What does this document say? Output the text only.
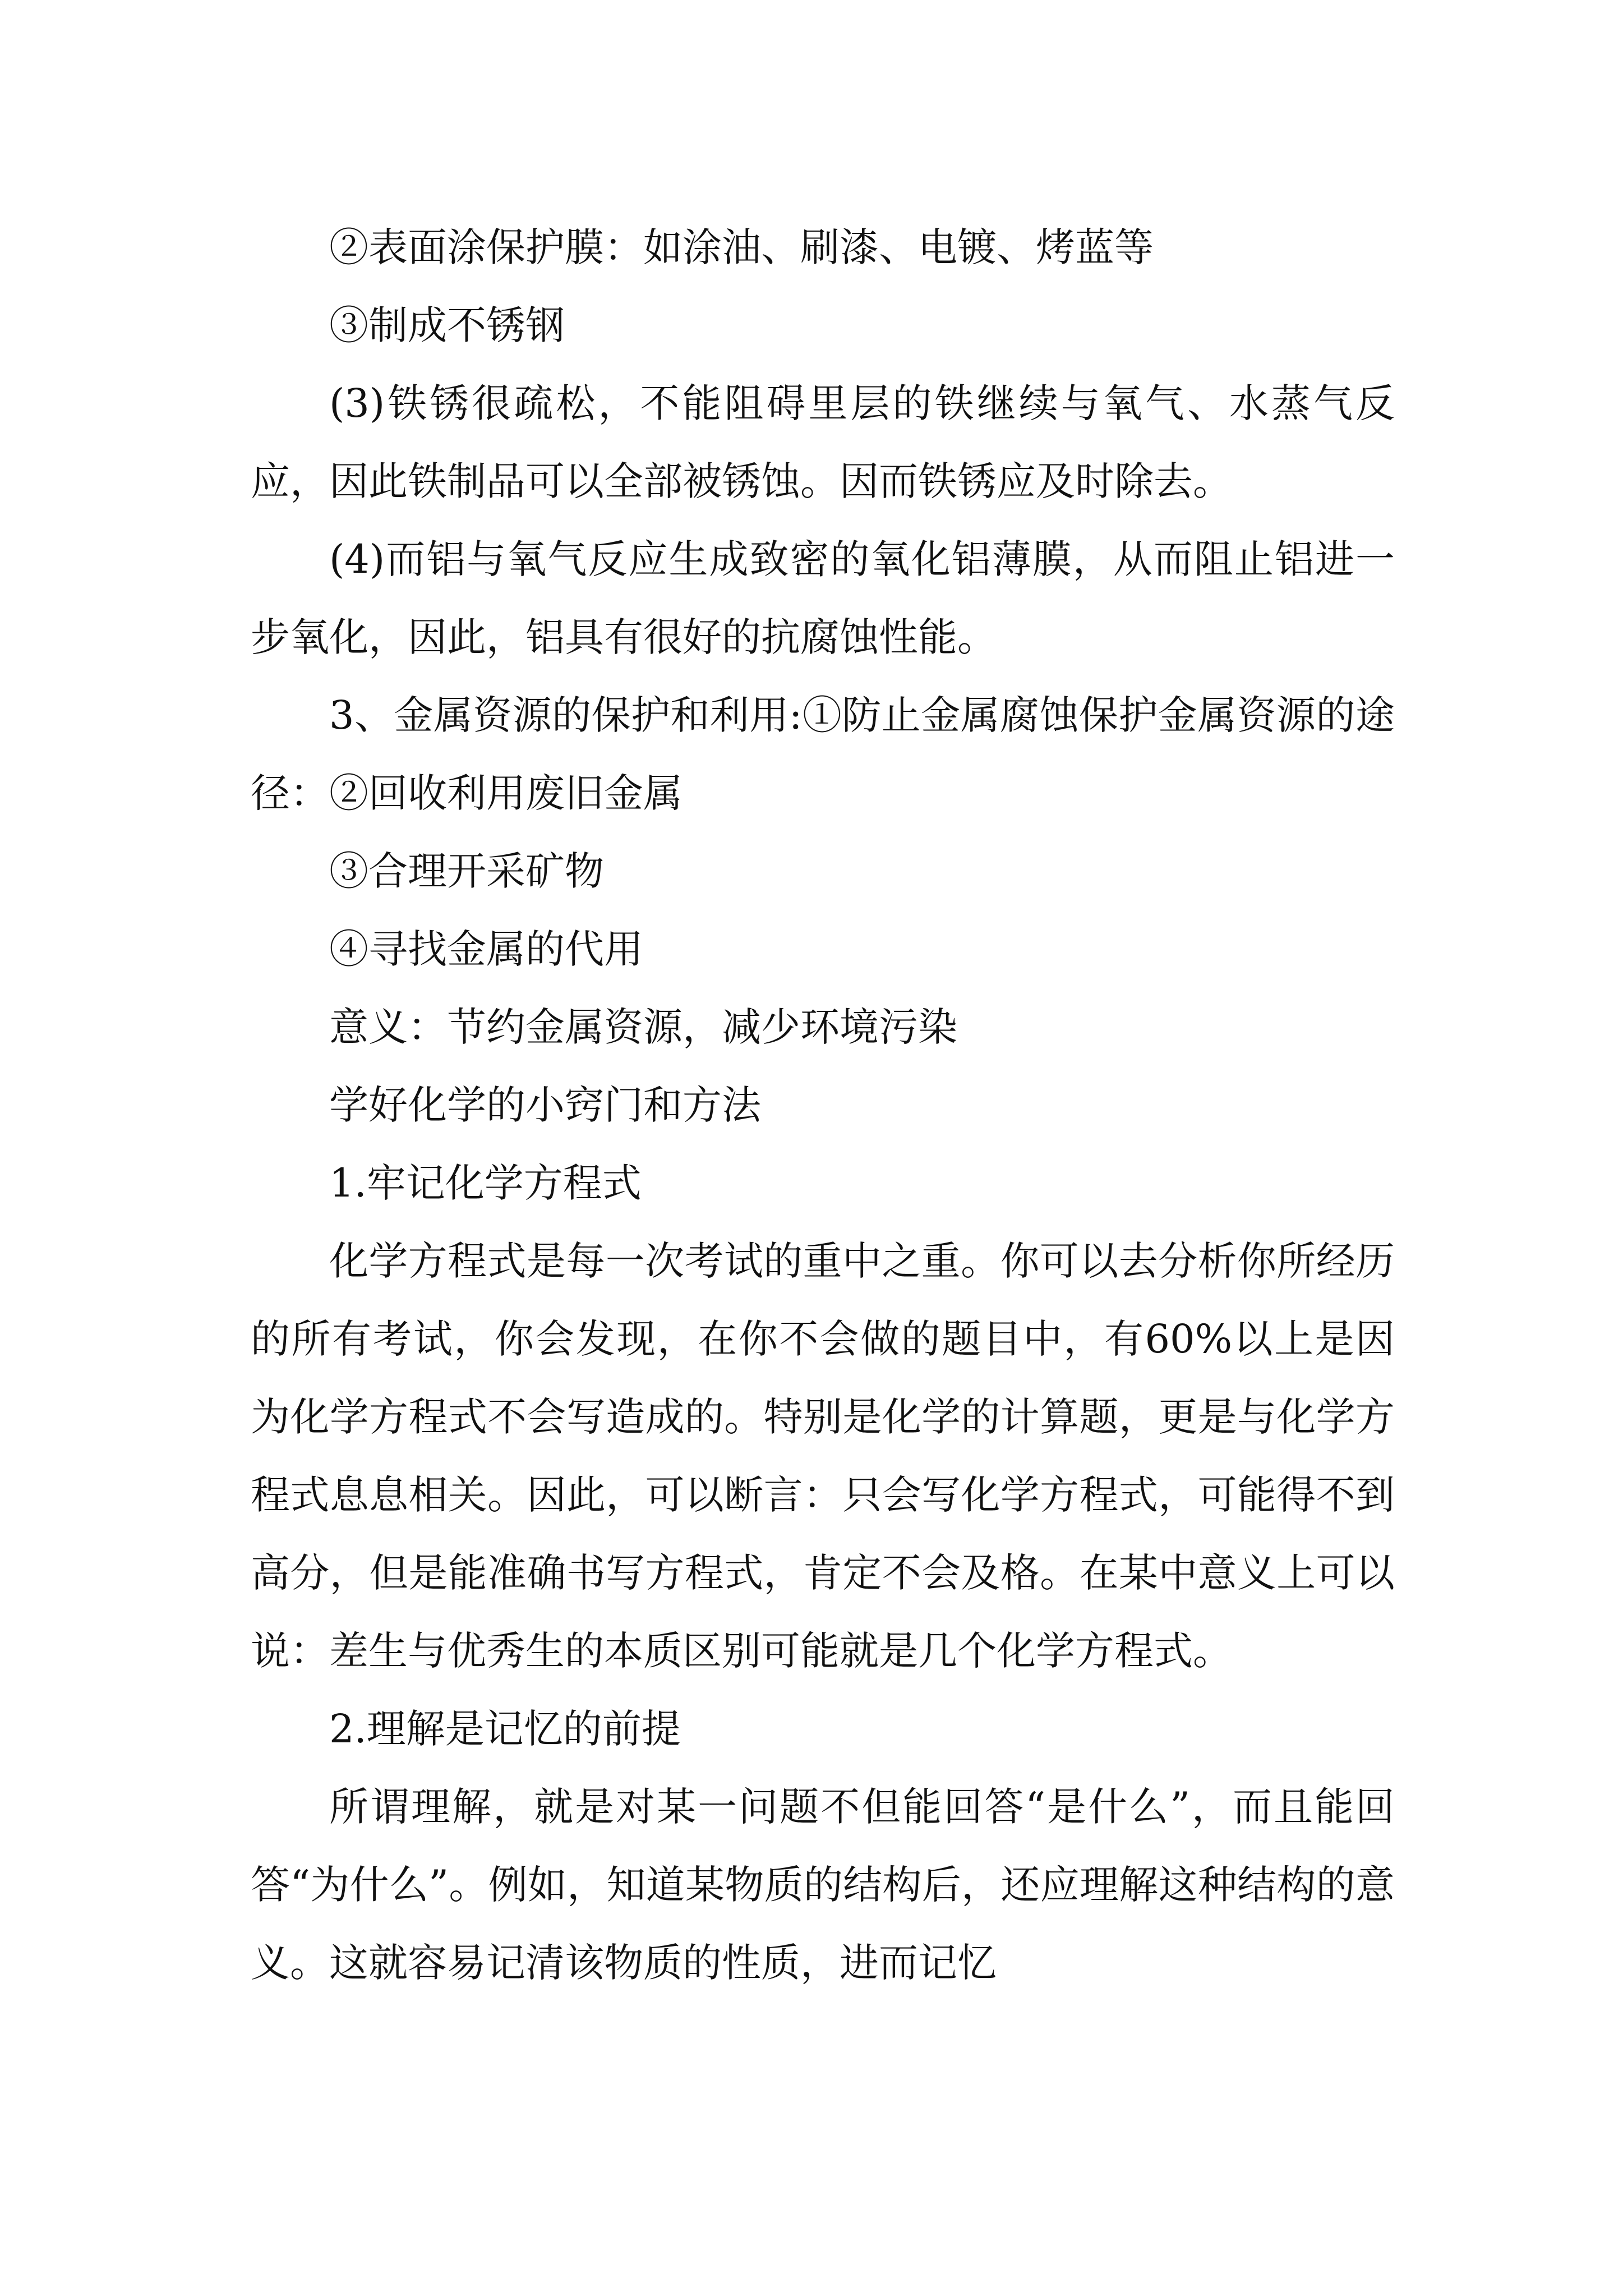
②表面涂保护膜：如涂油、刷漆、电镀、烤蓝等

③制成不锈钢

(3)铁锈很疏松，不能阻碍里层的铁继续与氧气、水蒸气反应，因此铁制品可以全部被锈蚀。因而铁锈应及时除去。

(4)而铝与氧气反应生成致密的氧化铝薄膜，从而阻止铝进一步氧化，因此，铝具有很好的抗腐蚀性能。

3、金属资源的保护和利用:①防止金属腐蚀保护金属资源的途径：②回收利用废旧金属

③合理开采矿物

④寻找金属的代用

意义：节约金属资源，减少环境污染

学好化学的小窍门和方法

1.牢记化学方程式

化学方程式是每一次考试的重中之重。你可以去分析你所经历的所有考试，你会发现，在你不会做的题目中，有60%以上是因为化学方程式不会写造成的。特别是化学的计算题，更是与化学方程式息息相关。因此，可以断言：只会写化学方程式，可能得不到高分，但是能准确书写方程式，肯定不会及格。在某中意义上可以说：差生与优秀生的本质区别可能就是几个化学方程式。

2.理解是记忆的前提

所谓理解，就是对某一问题不但能回答“是什么”，而且能回答“为什么”。例如，知道某物质的结构后，还应理解这种结构的意义。这就容易记清该物质的性质，进而记忆
